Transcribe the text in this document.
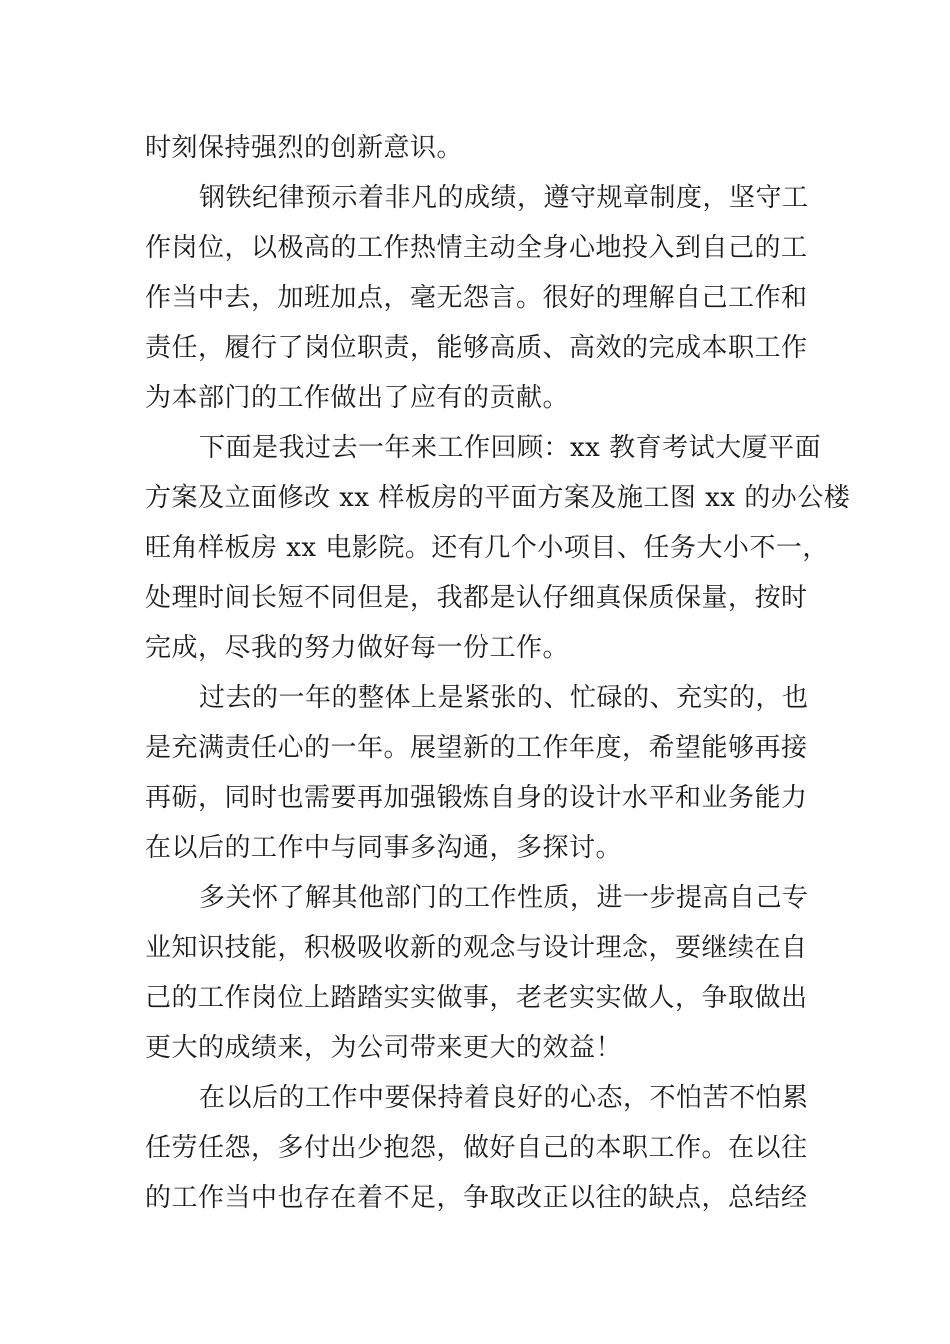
时刻保持强烈的创新意识。
钢铁纪律预示着非凡的成绩，遵守规章制度，坚守工
作岗位，以极高的工作热情主动全身心地投入到自己的工
作当中去，加班加点，毫无怨言。很好的理解自己工作和
责任，履行了岗位职责，能够高质、高效的完成本职工作
为本部门的工作做出了应有的贡献。
下面是我过去一年来工作回顾：xx 教育考试大厦平面
方案及立面修改 xx 样板房的平面方案及施工图 xx 的办公楼
旺角样板房 xx 电影院。还有几个小项目、任务大小不一，
处理时间长短不同但是，我都是认仔细真保质保量，按时
完成，尽我的努力做好每一份工作。
过去的一年的整体上是紧张的、忙碌的、充实的，也
是充满责任心的一年。展望新的工作年度，希望能够再接
再砺，同时也需要再加强锻炼自身的设计水平和业务能力
在以后的工作中与同事多沟通，多探讨。
多关怀了解其他部门的工作性质，进一步提高自己专
业知识技能，积极吸收新的观念与设计理念，要继续在自
己的工作岗位上踏踏实实做事，老老实实做人，争取做出
更大的成绩来，为公司带来更大的效益！
在以后的工作中要保持着良好的心态，不怕苦不怕累
任劳任怨，多付出少抱怨，做好自己的本职工作。在以往
的工作当中也存在着不足，争取改正以往的缺点，总结经
